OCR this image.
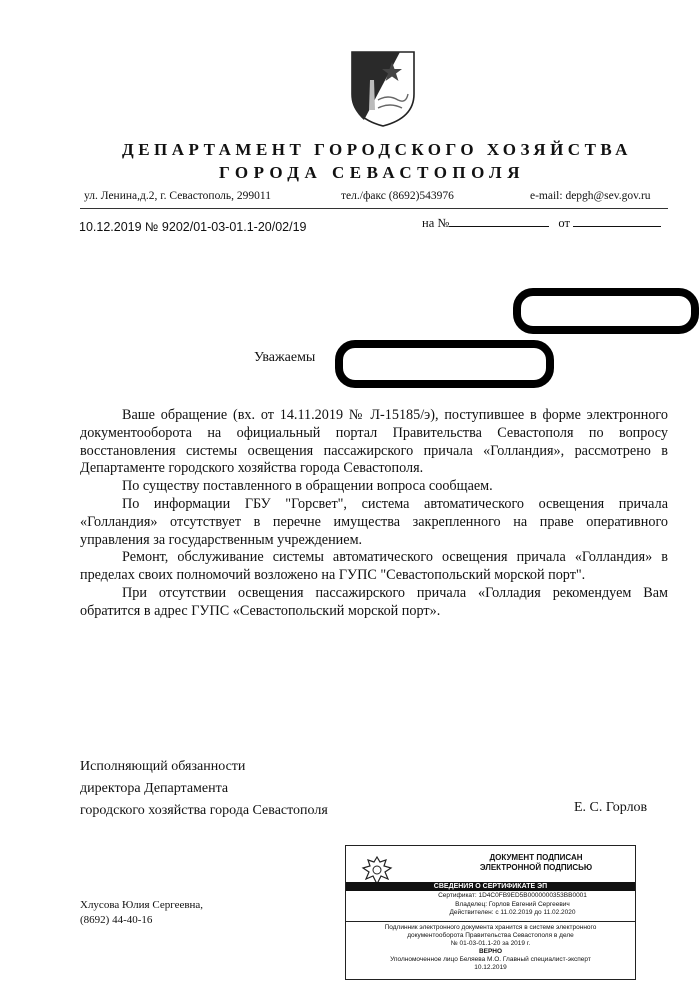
ДЕПАРТАМЕНТ ГОРОДСКОГО ХОЗЯЙСТВА
ГОРОДА СЕВАСТОПОЛЯ
ул. Ленина,д.2, г. Севастополь, 299011	тел./факс (8692)543976	e-mail: depgh@sev.gov.ru
10.12.2019 № 9202/01-03-01.1-20/02/19	на №	от
Уважаемы

Ваше обращение (вх. от 14.11.2019 № Л-15185/э), поступившее в форме электронного документооборота на официальный портал Правительства Севастополя по вопросу восстановления системы освещения пассажирского причала «Голландия», рассмотрено в Департаменте городского хозяйства города Севастополя.

По существу поставленного в обращении вопроса сообщаем.

По информации ГБУ "Горсвет", система автоматического освещения причала «Голландия» отсутствует в перечне имущества закрепленного на праве оперативного управления за государственным учреждением.

Ремонт, обслуживание системы автоматического освещения причала «Голландия» в пределах своих полномочий возложено на ГУПС "Севастопольский морской порт".

При отсутствии освещения пассажирского причала «Голладия рекомендуем Вам обратится в адрес ГУПС «Севастопольский морской порт».

Исполняющий обязанности
директора Департамента
городского хозяйства города Севастополя	Е. С. Горлов
ДОКУМЕНТ ПОДПИСАН
ЭЛЕКТРОННОЙ ПОДПИСЬЮ
СВЕДЕНИЯ О СЕРТИФИКАТЕ ЭП
Сертификат: 1D4C0FB9ED5B0000000353BB0001
Владелец: Горлов Евгений Сергеевич
Действителен: с 11.02.2019 до 11.02.2020
Подлинник электронного документа хранится в системе электронного
документооборота Правительства Севастополя в деле
№ 01-03-01.1-20 за 2019 г.
ВЕРНО
Уполномоченное лицо Беляева М.О. Главный специалист-эксперт
10.12.2019
Хлусова Юлия Сергеевна,
(8692) 44-40-16
